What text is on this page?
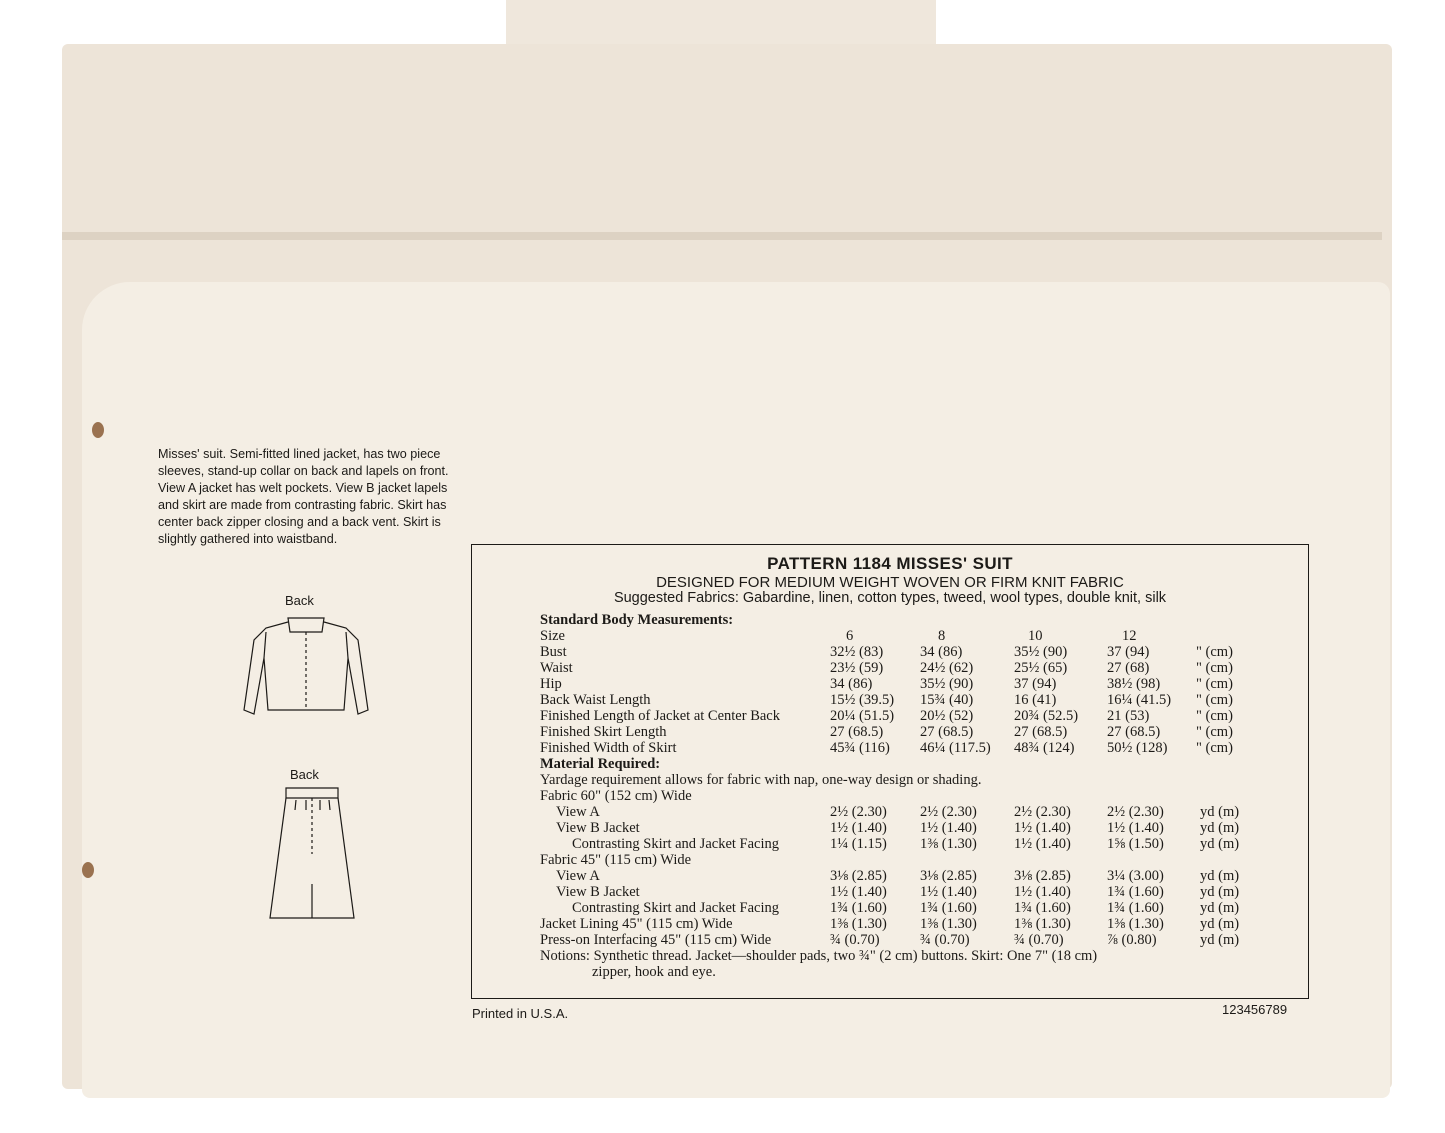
Misses' suit. Semi-fitted lined jacket, has two piece sleeves, stand-up collar on back and lapels on front. View A jacket has welt pockets. View B jacket lapels and skirt are made from contrasting fabric. Skirt has center back zipper closing and a back vent. Skirt is slightly gathered into waistband.
Back
Back
PATTERN 1184 MISSES' SUIT
DESIGNED FOR MEDIUM WEIGHT WOVEN OR FIRM KNIT FABRIC
Suggested Fabrics: Gabardine, linen, cotton types, tweed, wool types, double knit, silk
Standard Body Measurements:
Size	6	8	10	12
Bust	32½ (83)	34 (86)	35½ (90)	37 (94)	" (cm)
Waist	23½ (59)	24½ (62)	25½ (65)	27 (68)	" (cm)
Hip	34 (86)	35½ (90)	37 (94)	38½ (98) " (cm)
Back Waist Length	15½ (39.5) 15¾ (40)	16 (41)	16¼ (41.5) " (cm)
Finished Length of Jacket at Center Back	20¼ (51.5) 20½ (52)	20¾ (52.5) 21 (53)	" (cm)
Finished Skirt Length	27 (68.5)	27 (68.5)	27 (68.5)	27 (68.5) " (cm)
Finished Width of Skirt	45¾ (116) 46¼ (117.5) 48¾ (124) 50½ (128) " (cm)
Material Required:
Yardage requirement allows for fabric with nap, one-way design or shading.
Fabric 60" (152 cm) Wide
View A	2½ (2.30) 2½ (2.30)	2½ (2.30) 2½ (2.30) yd (m)
View B Jacket	1½ (1.40) 1½ (1.40)	1½ (1.40) 1½ (1.40) yd (m)
Contrasting Skirt and Jacket Facing	1¼ (1.15) 1⅜ (1.30)	1½ (1.40) 1⅝ (1.50) yd (m)
Fabric 45" (115 cm) Wide
View A	3⅛ (2.85) 3⅛ (2.85)	3⅛ (2.85) 3¼ (3.00) yd (m)
View B Jacket	1½ (1.40) 1½ (1.40)	1½ (1.40) 1¾ (1.60) yd (m)
Contrasting Skirt and Jacket Facing	1¾ (1.60) 1¾ (1.60)	1¾ (1.60) 1¾ (1.60) yd (m)
Jacket Lining 45" (115 cm) Wide	1⅜ (1.30) 1⅜ (1.30)	1⅜ (1.30) 1⅜ (1.30) yd (m)
Press-on Interfacing 45" (115 cm) Wide	¾ (0.70)	¾ (0.70)	¾ (0.70)	⅞ (0.80)	yd (m)
Notions: Synthetic thread. Jacket—shoulder pads, two ¾" (2 cm) buttons. Skirt: One 7" (18 cm)
zipper, hook and eye.
Printed in U.S.A.	123456789
